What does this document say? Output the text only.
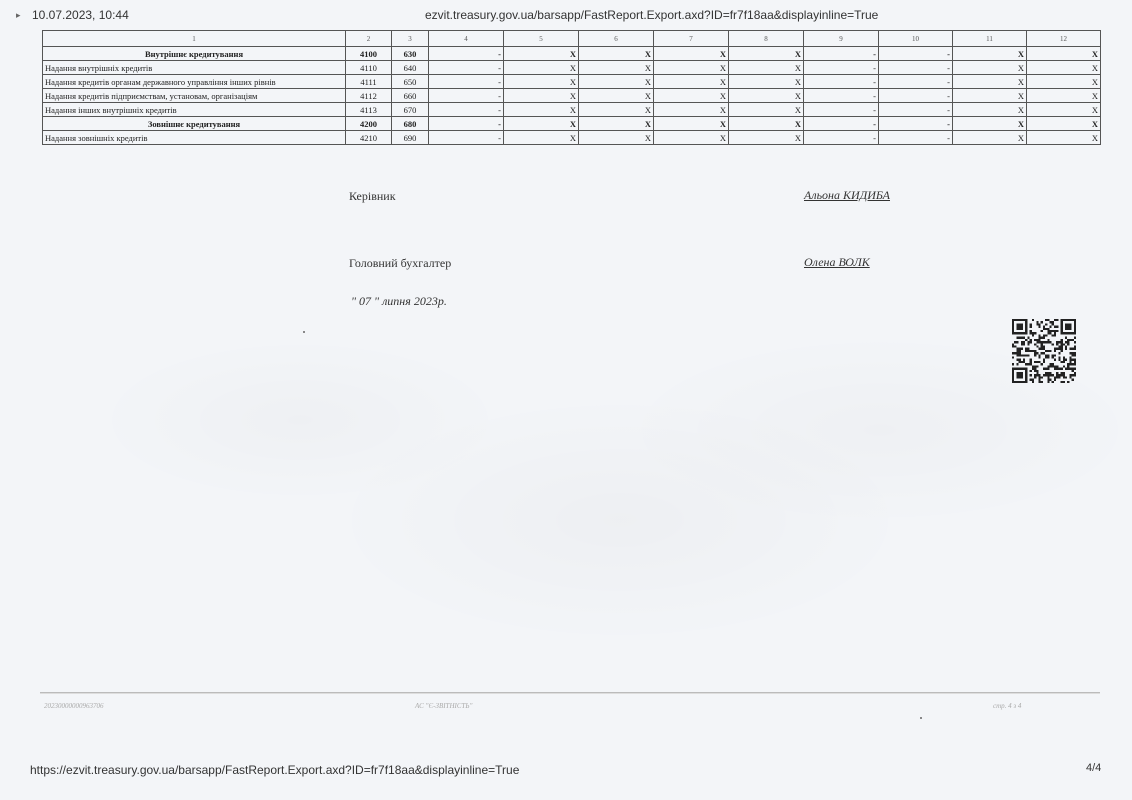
▸ 10.07.2023, 10:44	ezvit.treasury.gov.ua/barsapp/FastReport.Export.axd?ID=fr7f18aa&displayinline=True
1	2	3	4	5	6	7	8	9	10	11	12
Внутрішнє кредитування	4100	630	-	X	X	X	X	-	-	X	X
Надання внутрішніх кредитів	4110	640	-	X	X	X	X	-	-	X	X
Надання кредитів органам державного управління інших рівнів	4111	650	-	X	X	X	X	-	-	X	X
Надання кредитів підприємствам, установам, організаціям	4112	660	-	X	X	X	X	-	-	X	X
Надання інших внутрішніх кредитів	4113	670	-	X	X	X	X	-	-	X	X
Зовнішнє кредитування	4200	680	-	X	X	X	X	-	-	X	X
Надання зовнішніх кредитів	4210	690	-	X	X	X	X	-	-	X	X
Керівник	Альона КИДИБА
Головний бухгалтер	Олена ВОЛК
" 07 " липня 2023р.
20230000000963706	АС "Є-ЗВІТНІСТЬ"	стр. 4 з 4
https://ezvit.treasury.gov.ua/barsapp/FastReport.Export.axd?ID=fr7f18aa&displayinline=True	4/4
